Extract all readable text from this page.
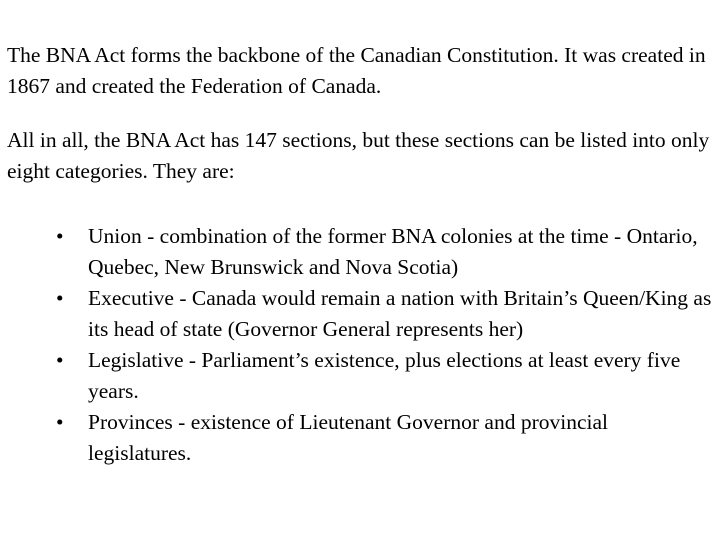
The BNA Act forms the backbone of the Canadian Constitution. It was created in 1867 and created the Federation of Canada.

All in all, the BNA Act has 147 sections, but these sections can be listed into only eight categories. They are:

• Union - combination of the former BNA colonies at the time - Ontario, Quebec, New Brunswick and Nova Scotia)
• Executive - Canada would remain a nation with Britain’s Queen/King as its head of state (Governor General represents her)
• Legislative - Parliament’s existence, plus elections at least every five years.
• Provinces - existence of Lieutenant Governor and provincial legislatures.
